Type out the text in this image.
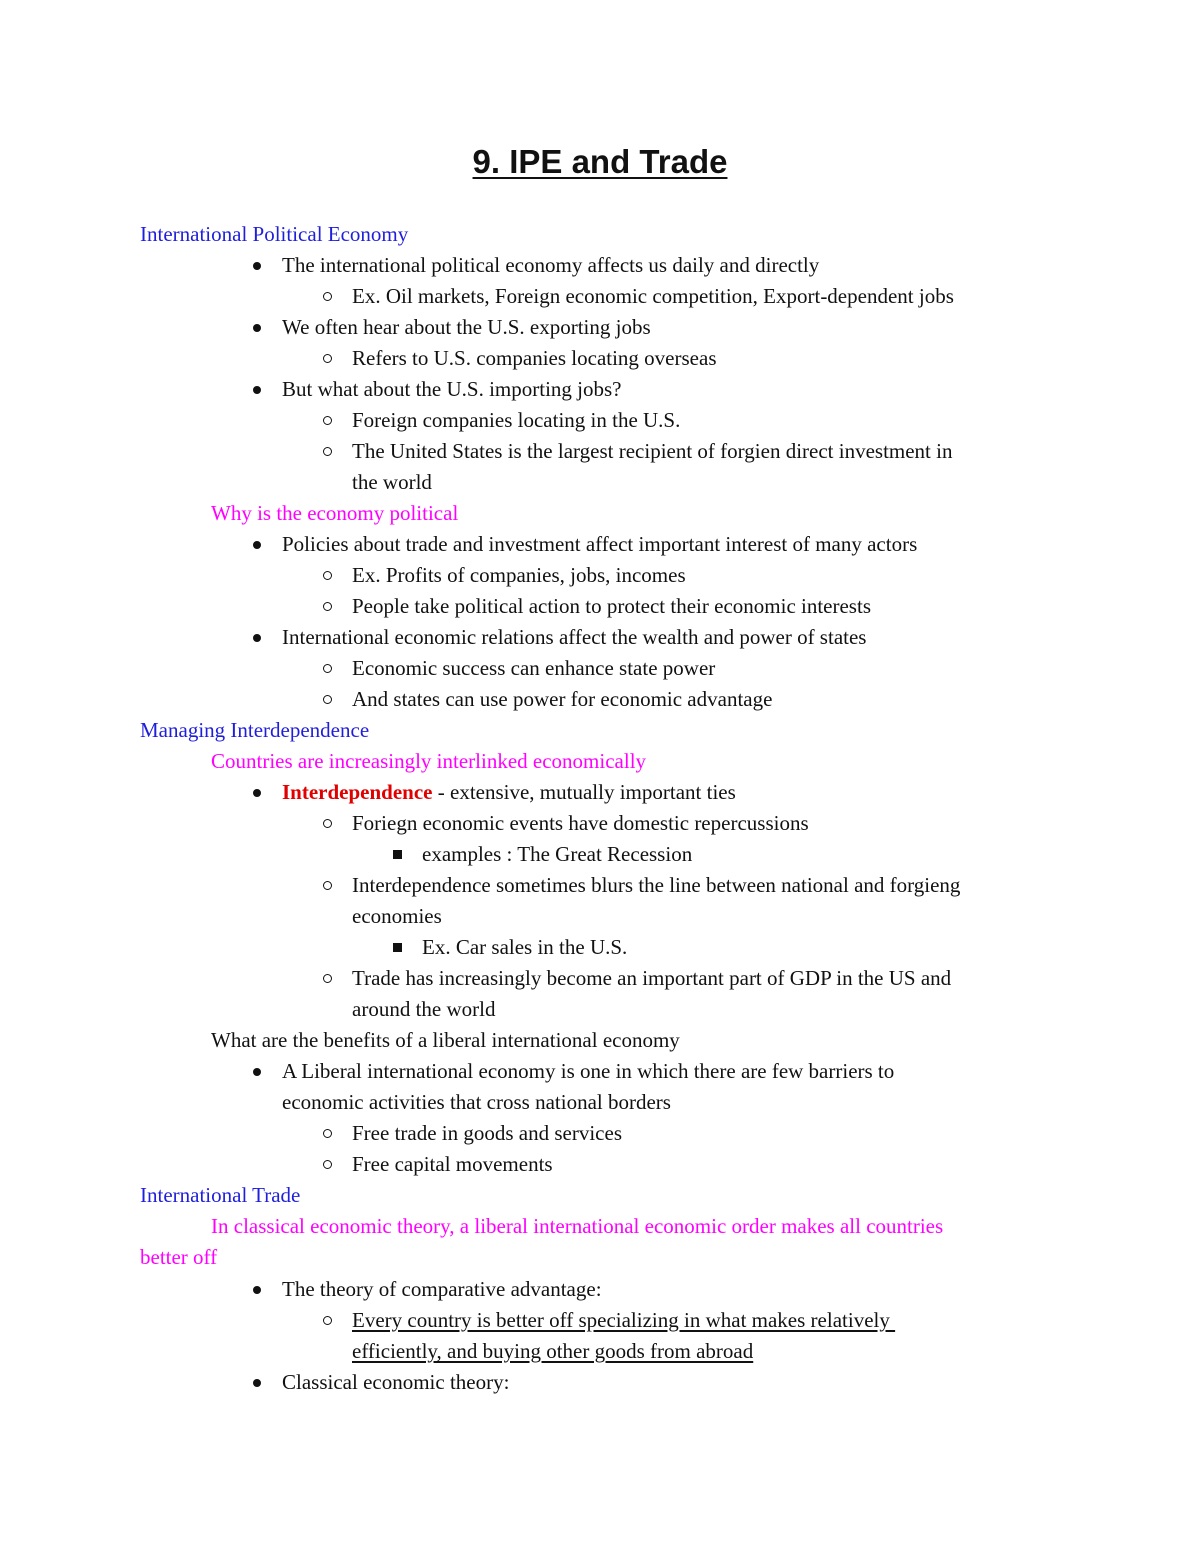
9. IPE and Trade
International Political Economy
The international political economy affects us daily and directly
Ex. Oil markets, Foreign economic competition, Export-dependent jobs
We often hear about the U.S. exporting jobs
Refers to U.S. companies locating overseas
But what about the U.S. importing jobs?
Foreign companies locating in the U.S.
The United States is the largest recipient of forgien direct investment in
the world
Why is the economy political
Policies about trade and investment affect important interest of many actors
Ex. Profits of companies, jobs, incomes
People take political action to protect their economic interests
International economic relations affect the wealth and power of states
Economic success can enhance state power
And states can use power for economic advantage
Managing Interdependence
Countries are increasingly interlinked economically
Interdependence - extensive, mutually important ties
Foriegn economic events have domestic repercussions
examples : The Great Recession
Interdependence sometimes blurs the line between national and forgieng
economies
Ex. Car sales in the U.S.
Trade has increasingly become an important part of GDP in the US and
around the world
What are the benefits of a liberal international economy
A Liberal international economy is one in which there are few barriers to
economic activities that cross national borders
Free trade in goods and services
Free capital movements
International Trade
In classical economic theory, a liberal international economic order makes all countries
better off
The theory of comparative advantage:
Every country is better off specializing in what makes relatively
efficiently, and buying other goods from abroad
Classical economic theory:
